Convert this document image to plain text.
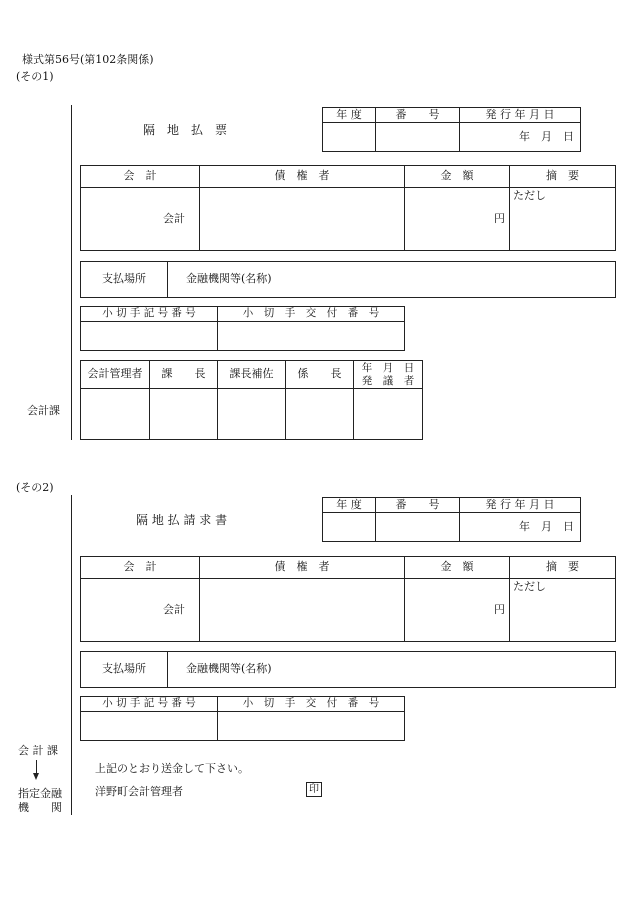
様式第56号(第102条関係)
(その1)
隔　地　払　票
年 度	番　　号	発 行 年 月 日
		年　月　日
会　計	債　権　者	金　額	摘　要
会計		円	ただし
支払場所	金融機関等(名称)
小 切 手 記 号 番 号	小　切　手　交　付　番　号

会計管理者	課　　長	課長補佐	係　　長	年　月　日
発　議　者

会計課
(その2)
隔 地 払 請 求 書
年 度	番　　号	発 行 年 月 日
		年　月　日
会　計	債　権　者	金　額	摘　要
会計		円	ただし
支払場所	金融機関等(名称)
小 切 手 記 号 番 号	小　切　手　交　付　番　号

会 計 課
指定金融
機　　関
上記のとおり送金して下さい。
洋野町会計管理者	印
